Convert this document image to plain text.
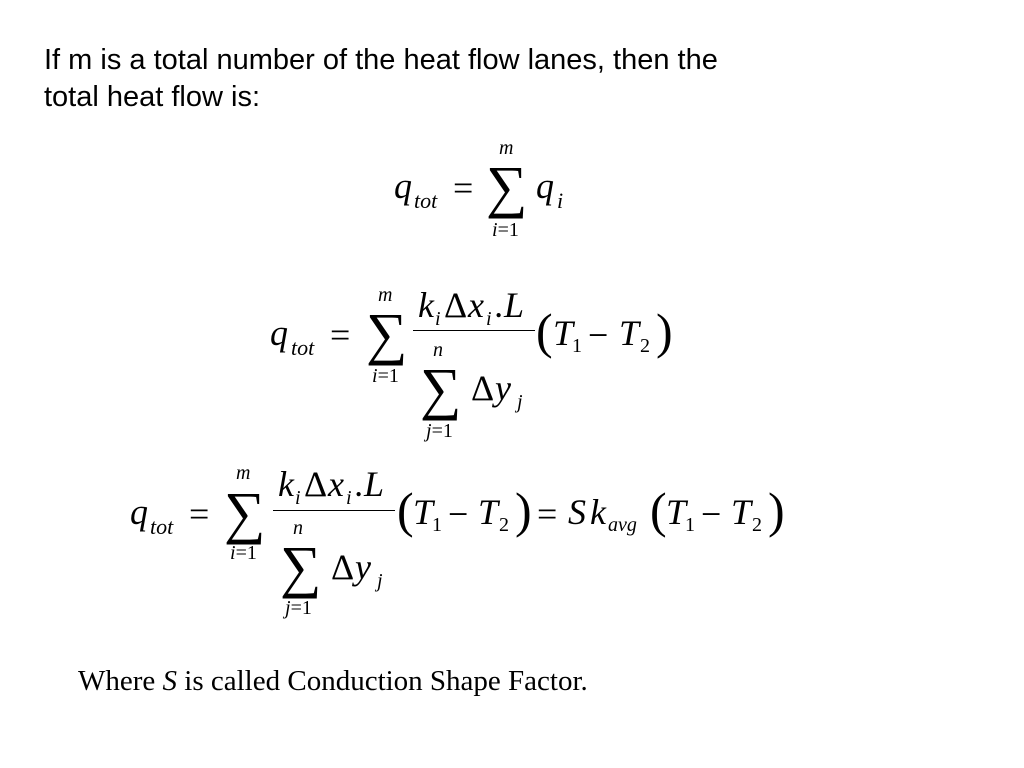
If m is a total number of the heat flow lanes, then the
total heat flow is:

q tot = ∑
m
i=1
q i
q tot = ∑
m
i=1
k i Δ x i .L
n
∑ Δ y j
j=1
( T
1 − T 2 )
q tot = ∑
m
i=1
k i Δ x i .L
n
∑ Δ y j
j=1
( T
1 − T 2 ) = S k avg ( T
1 − T 2 )
Where S is called Conduction Shape Factor.
